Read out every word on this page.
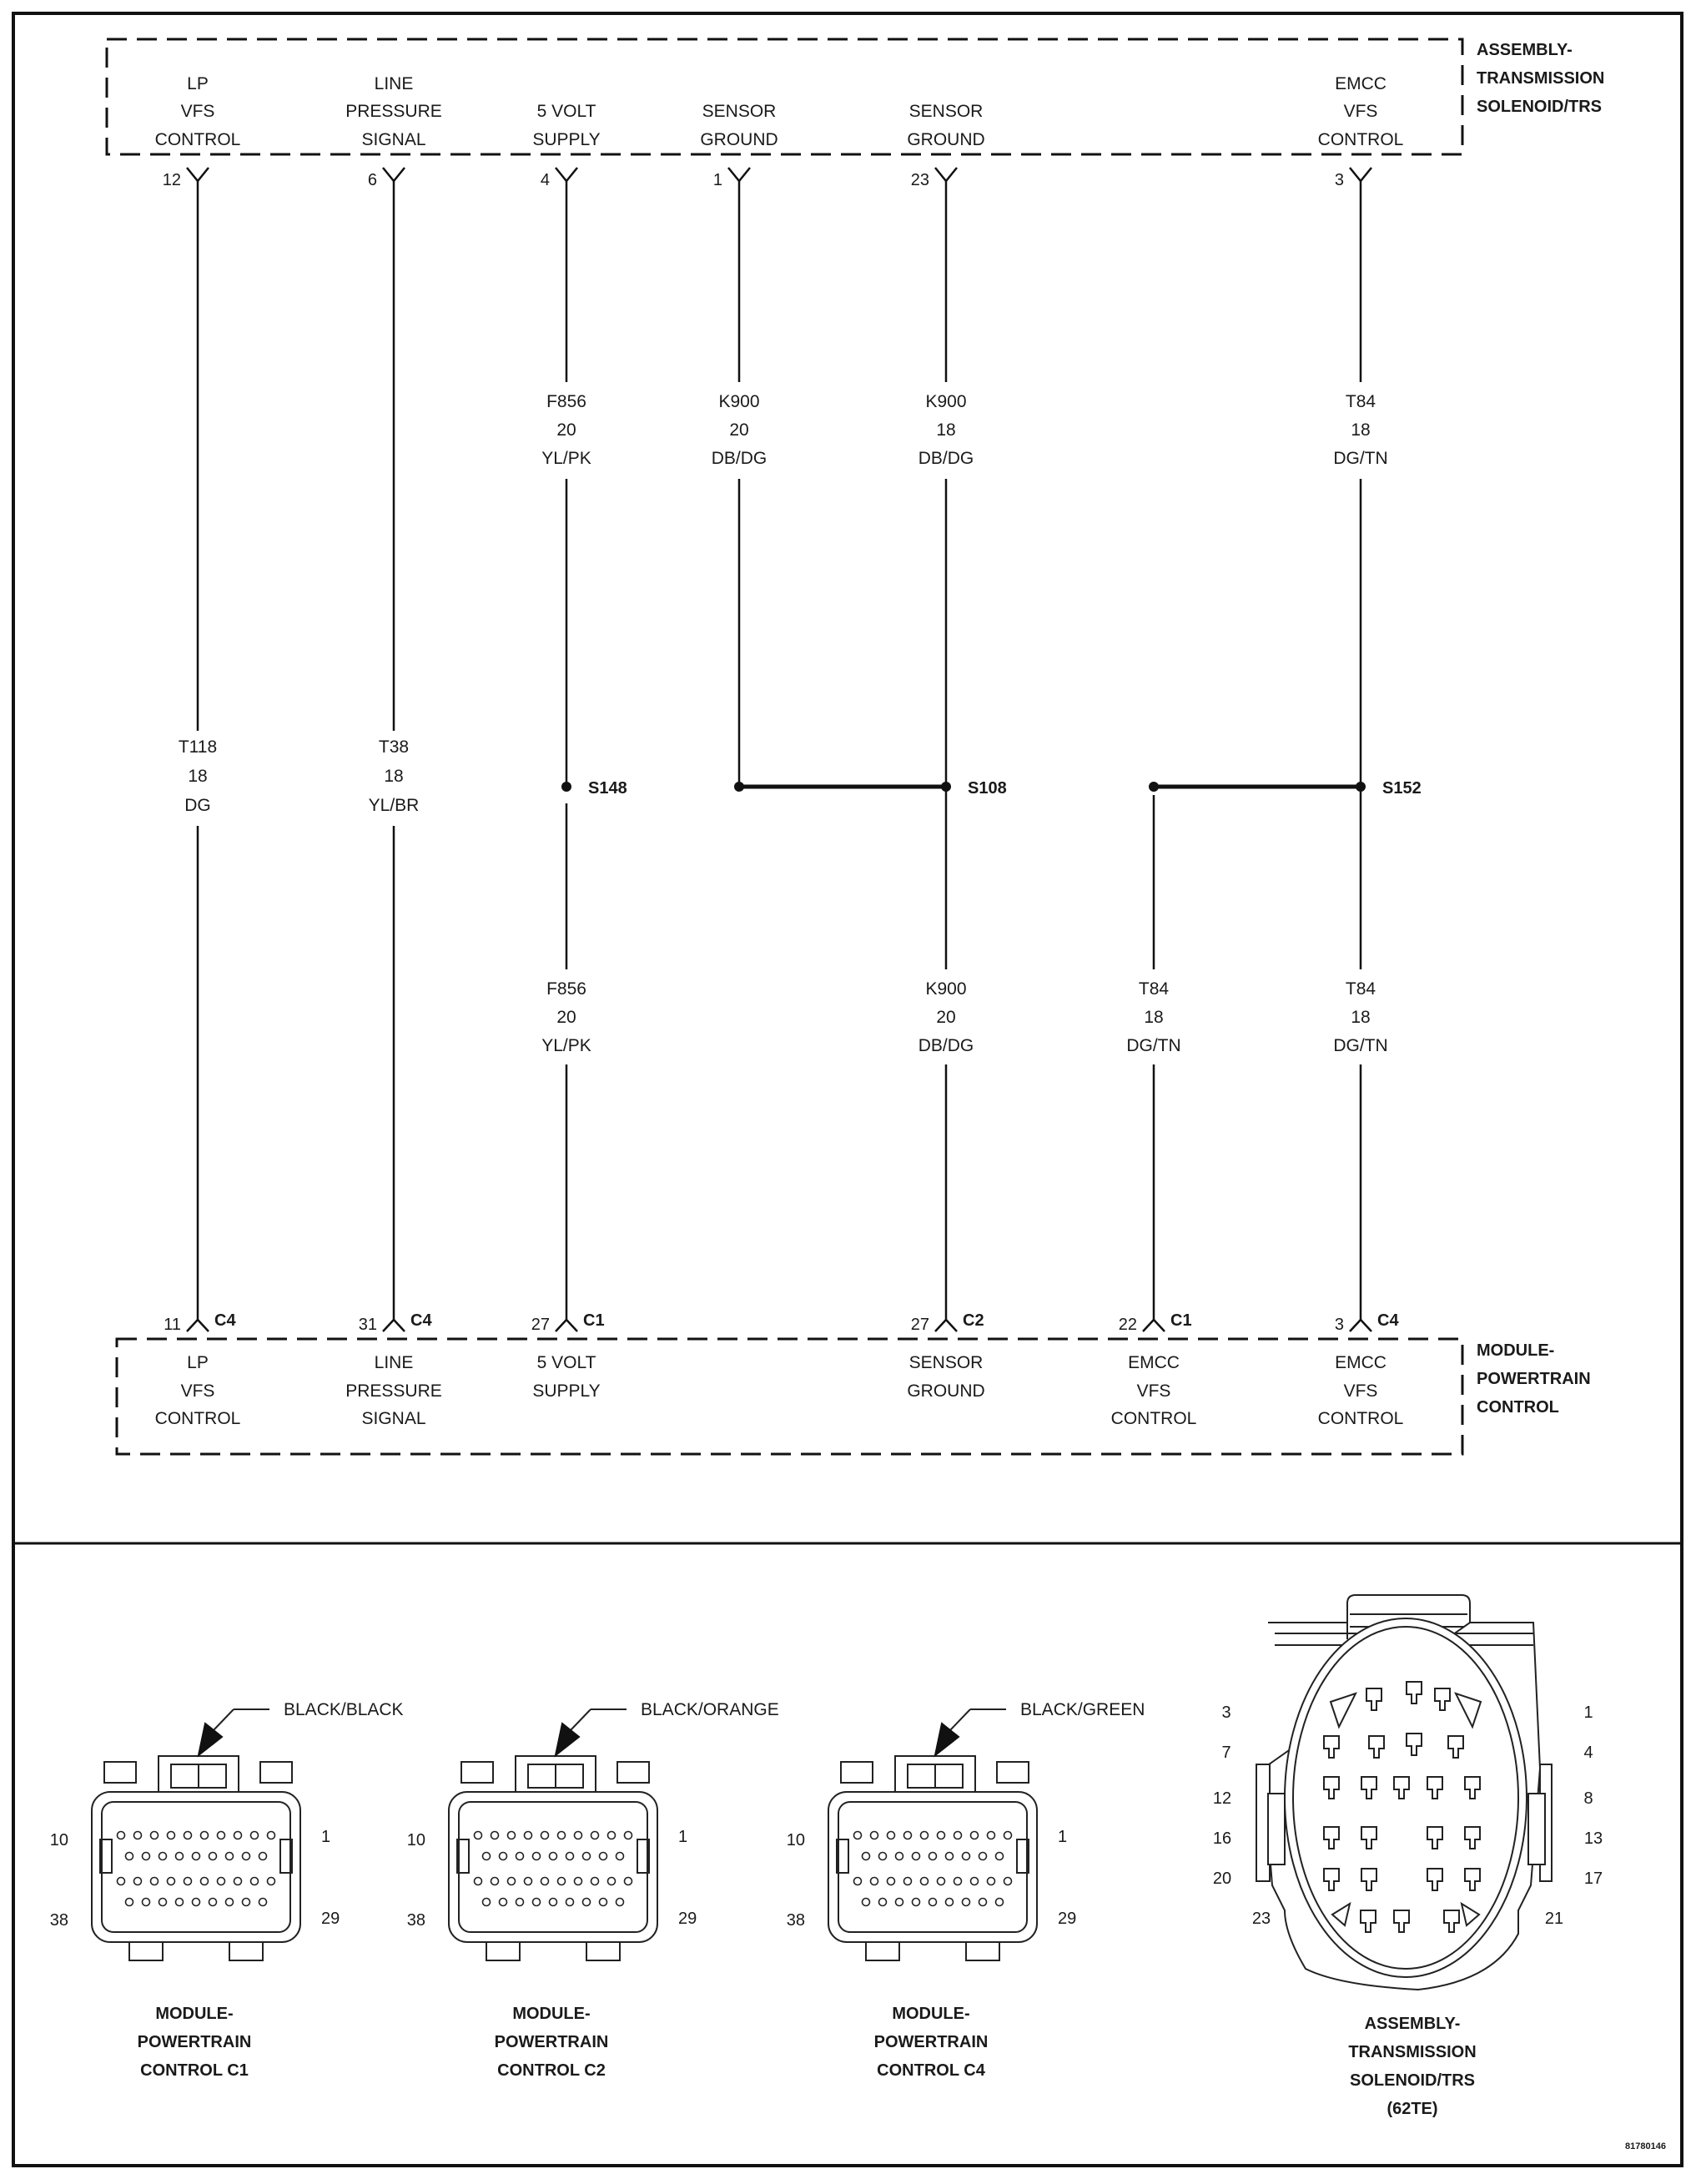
ASSEMBLY-
TRANSMISSION
SOLENOID/TRS
MODULE-
POWERTRAIN
CONTROL
LP
VFS
CONTROL
LINE
PRESSURE
SIGNAL
5 VOLT
SUPPLY
SENSOR
GROUND
SENSOR
GROUND
EMCC
VFS
CONTROL
12	6	4	1	23	3
S148	S108	S152
F856
20
YL/PK
K900
20
DB/DG
K900
18
DB/DG
T84
18
DG/TN
T118
18
DG
T38
18
YL/BR
F856
20
YL/PK
K900
20
DB/DG
T84
18
DG/TN
T84
18
DG/TN
11	31	27	27	22	3
C4	C4	C1	C2	C1	C4
LP
VFS
CONTROL
LINE
PRESSURE
SIGNAL
5 VOLT
SUPPLY
SENSOR
GROUND
EMCC
VFS
CONTROL
EMCC
VFS
CONTROL
BLACK/BLACK
10	1
38	29
MODULE-
POWERTRAIN
CONTROL C1
BLACK/ORANGE
10	1
38	29
MODULE-
POWERTRAIN
CONTROL C2
BLACK/GREEN
10	1
38	29
MODULE-
POWERTRAIN
CONTROL C4
3
7
12
16
20
23
1
4
8
13
17
21
ASSEMBLY-
TRANSMISSION
SOLENOID/TRS
(62TE)
81780146
